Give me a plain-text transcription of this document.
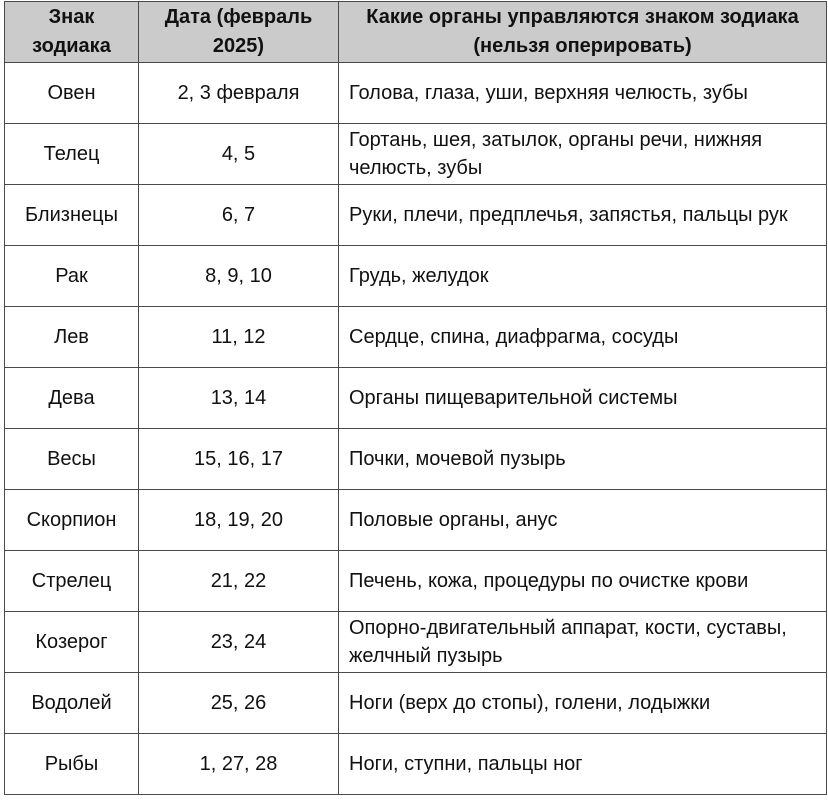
Знак зодиака	Дата (февраль 2025)	Какие органы управляются знаком зодиака (нельзя оперировать)
Овен	2, 3 февраля	Голова, глаза, уши, верхняя челюсть, зубы
Телец	4, 5	Гортань, шея, затылок, органы речи, нижняя челюсть, зубы
Близнецы	6, 7	Руки, плечи, предплечья, запястья, пальцы рук
Рак	8, 9, 10	Грудь, желудок
Лев	11, 12	Сердце, спина, диафрагма, сосуды
Дева	13, 14	Органы пищеварительной системы
Весы	15, 16, 17	Почки, мочевой пузырь
Скорпион	18, 19, 20	Половые органы, анус
Стрелец	21, 22	Печень, кожа, процедуры по очистке крови
Козерог	23, 24	Опорно-двигательный аппарат, кости, суставы, желчный пузырь
Водолей	25, 26	Ноги (верх до стопы), голени, лодыжки
Рыбы	1, 27, 28	Ноги, ступни, пальцы ног
